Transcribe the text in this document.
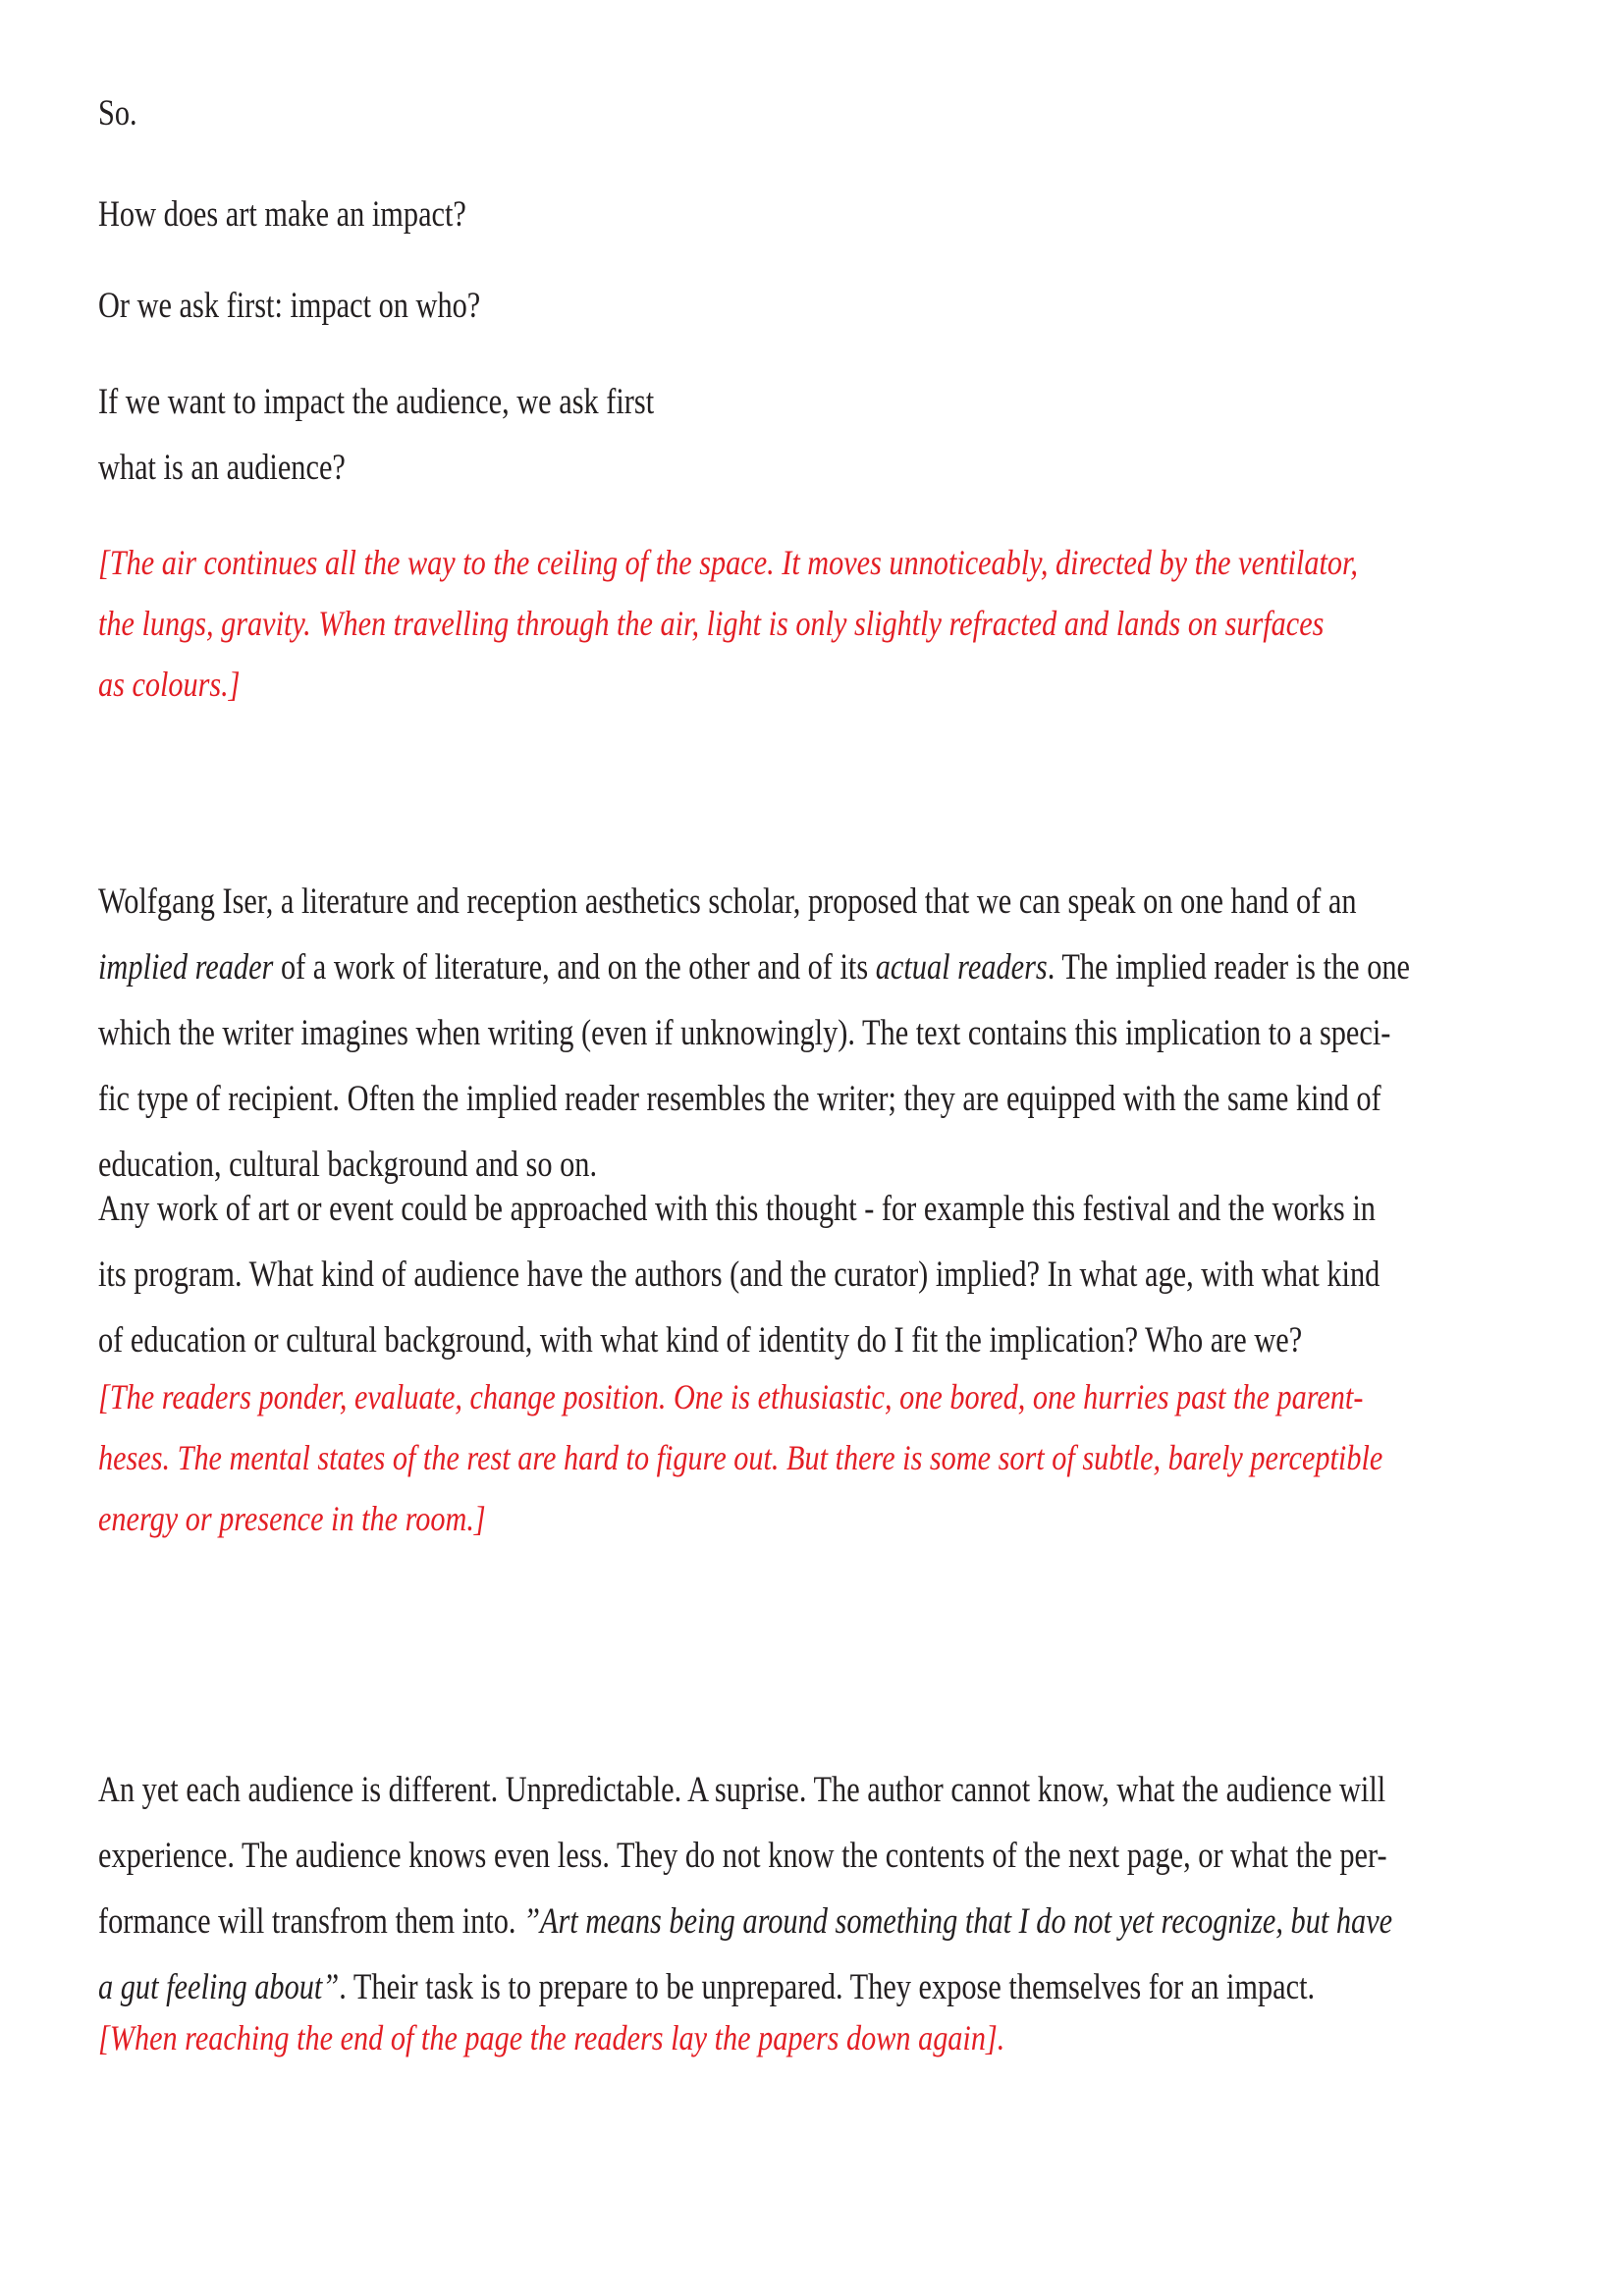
So.
How does art make an impact?
Or we ask first: impact on who?
If we want to impact the audience, we ask first
what is an audience?
[The air continues all the way to the ceiling of the space. It moves unnoticeably, directed by the ventilator,
the lungs, gravity. When travelling through the air, light is only slightly refracted and lands on surfaces
as colours.]
Wolfgang Iser, a literature and reception aesthetics scholar, proposed that we can speak on one hand of an
implied reader of a work of literature, and on the other and of its actual readers. The implied reader is the one
which the writer imagines when writing (even if unknowingly). The text contains this implication to a speci-
fic type of recipient. Often the implied reader resembles the writer; they are equipped with the same kind of
education, cultural background and so on.
Any work of art or event could be approached with this thought - for example this festival and the works in
its program. What kind of audience have the authors (and the curator) implied? In what age, with what kind
of education or cultural background, with what kind of identity do I fit the implication? Who are we?
[The readers ponder, evaluate, change position. One is ethusiastic, one bored, one hurries past the parent-
heses. The mental states of the rest are hard to figure out. But there is some sort of subtle, barely perceptible
energy or presence in the room.]
An yet each audience is different. Unpredictable. A suprise. The author cannot know, what the audience will
experience. The audience knows even less. They do not know the contents of the next page, or what the per-
formance will transfrom them into. ”Art means being around something that I do not yet recognize, but have
a gut feeling about”. Their task is to prepare to be unprepared. They expose themselves for an impact.
[When reaching the end of the page the readers lay the papers down again].
